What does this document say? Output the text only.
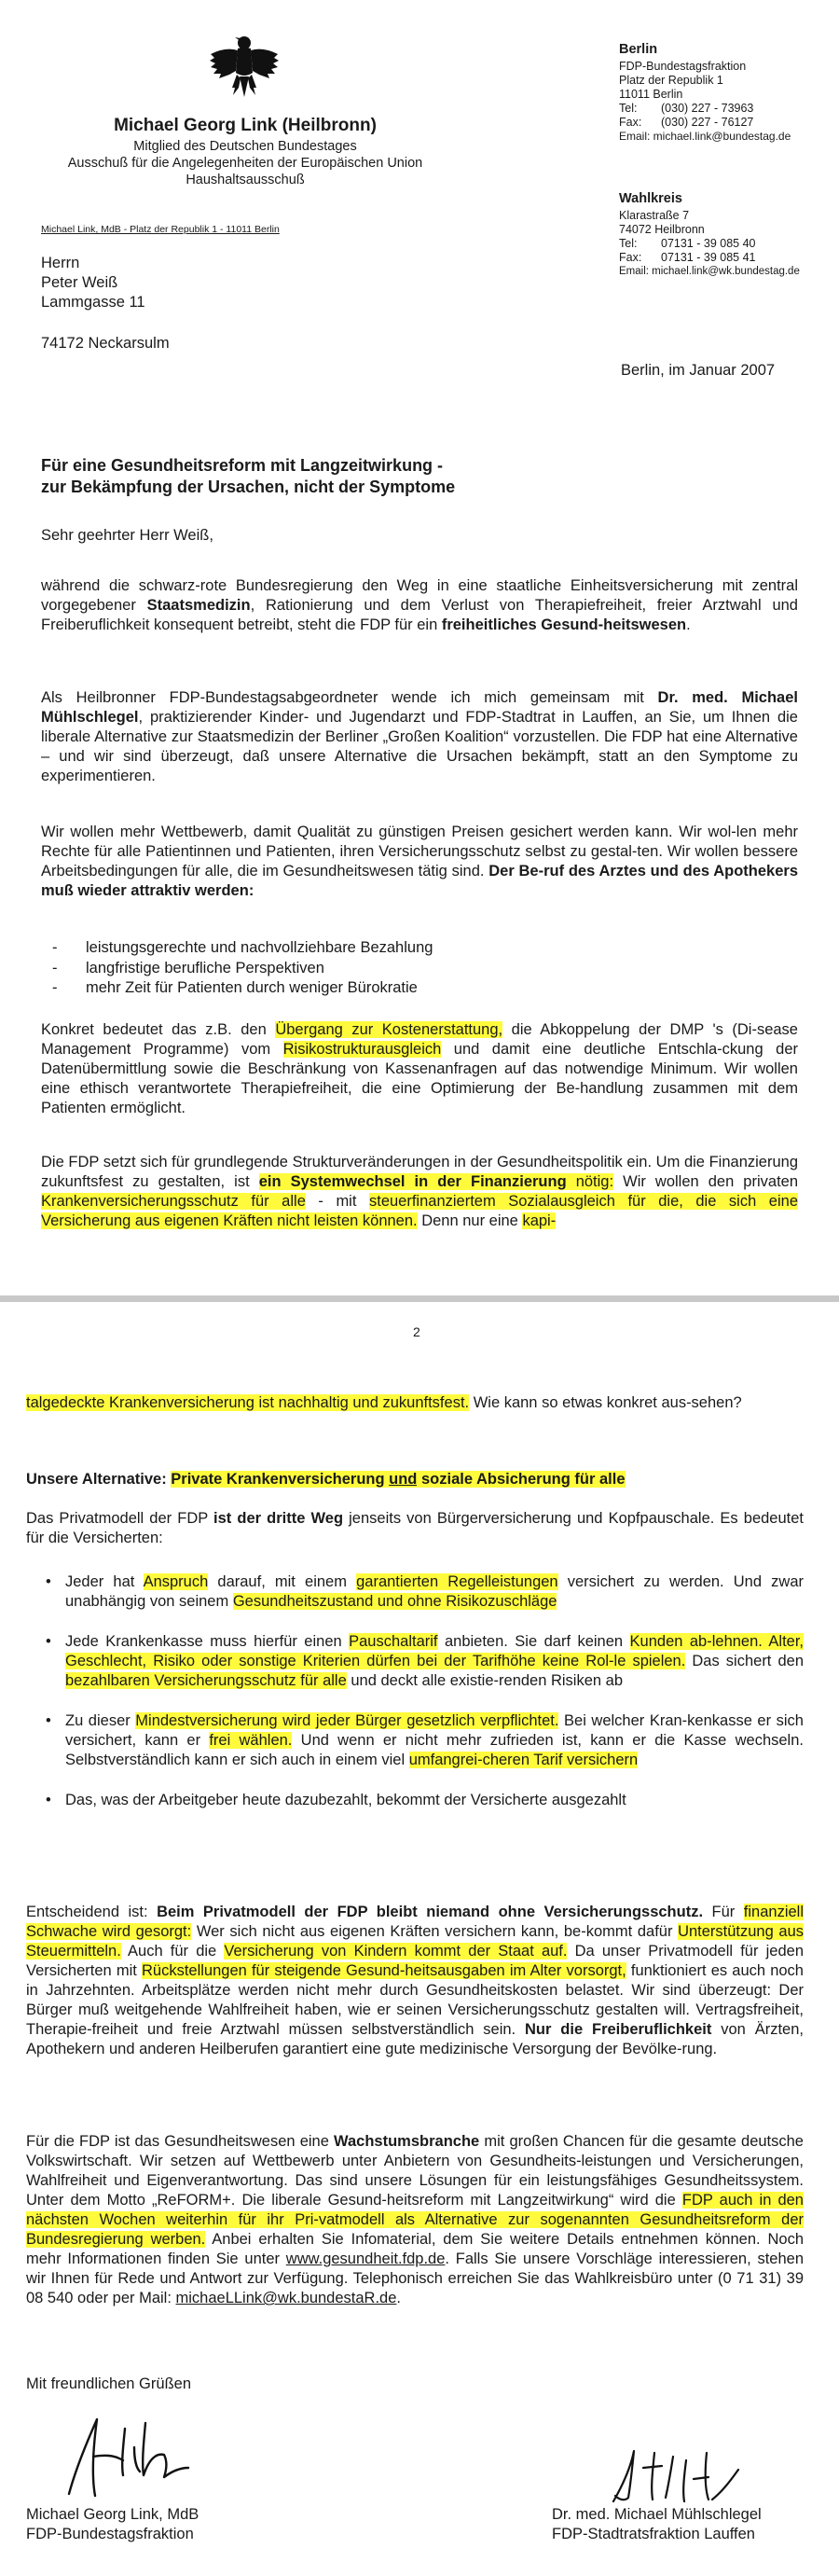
Michael Georg Link (Heilbronn)
Mitglied des Deutschen Bundestages
Ausschuß für die Angelegenheiten der Europäischen Union
Haushaltsausschuß
Michael Link, MdB - Platz der Republik 1 - 11011 Berlin
Berlin
FDP-Bundestagsfraktion
Platz der Republik 1
11011 Berlin
Tel:	(030) 227 - 73963
Fax:	(030) 227 - 76127
Email: michael.link@bundestag.de
Wahlkreis
Klarastraße 7
74072 Heilbronn
Tel:	07131 - 39 085 40
Fax:	07131 - 39 085 41
Email: michael.link@wk.bundestag.de
Herrn
Peter Weiß
Lammgasse 11
74172 Neckarsulm
Berlin, im Januar 2007
Für eine Gesundheitsreform mit Langzeitwirkung -
zur Bekämpfung der Ursachen, nicht der Symptome
Sehr geehrter Herr Weiß,

während die schwarz-rote Bundesregierung den Weg in eine staatliche Einheitsversicherung mit zentral vorgegebener Staatsmedizin, Rationierung und dem Verlust von Therapiefreiheit, freier Arztwahl und Freiberuflichkeit konsequent betreibt, steht die FDP für ein freiheitliches Gesund-heitswesen.

Als Heilbronner FDP-Bundestagsabgeordneter wende ich mich gemeinsam mit Dr. med. Michael Mühlschlegel, praktizierender Kinder- und Jugendarzt und FDP-Stadtrat in Lauffen, an Sie, um Ihnen die liberale Alternative zur Staatsmedizin der Berliner „Großen Koalition“ vorzustellen. Die FDP hat eine Alternative – und wir sind überzeugt, daß unsere Alternative die Ursachen bekämpft, statt an den Symptome zu experimentieren.

Wir wollen mehr Wettbewerb, damit Qualität zu günstigen Preisen gesichert werden kann. Wir wol-len mehr Rechte für alle Patientinnen und Patienten, ihren Versicherungsschutz selbst zu gestal-ten. Wir wollen bessere Arbeitsbedingungen für alle, die im Gesundheitswesen tätig sind. Der Be-ruf des Arztes und des Apothekers muß wieder attraktiv werden:

- leistungsgerechte und nachvollziehbare Bezahlung
- langfristige berufliche Perspektiven
- mehr Zeit für Patienten durch weniger Bürokratie

Konkret bedeutet das z.B. den Übergang zur Kostenerstattung, die Abkoppelung der DMP 's (Di-sease Management Programme) vom Risikostrukturausgleich und damit eine deutliche Entschla-ckung der Datenübermittlung sowie die Beschränkung von Kassenanfragen auf das notwendige Minimum. Wir wollen eine ethisch verantwortete Therapiefreiheit, die eine Optimierung der Be-handlung zusammen mit dem Patienten ermöglicht.

Die FDP setzt sich für grundlegende Strukturveränderungen in der Gesundheitspolitik ein. Um die Finanzierung zukunftsfest zu gestalten, ist ein Systemwechsel in der Finanzierung nötig: Wir wollen den privaten Krankenversicherungsschutz für alle - mit steuerfinanziertem Sozialausgleich für die, die sich eine Versicherung aus eigenen Kräften nicht leisten können. Denn nur eine kapi-

2

talgedeckte Krankenversicherung ist nachhaltig und zukunftsfest. Wie kann so etwas konkret aus-sehen?

Unsere Alternative: Private Krankenversicherung und soziale Absicherung für alle

Das Privatmodell der FDP ist der dritte Weg jenseits von Bürgerversicherung und Kopfpauschale. Es bedeutet für die Versicherten:

• Jeder hat Anspruch darauf, mit einem garantierten Regelleistungen versichert zu werden. Und zwar unabhängig von seinem Gesundheitszustand und ohne Risikozuschläge
• Jede Krankenkasse muss hierfür einen Pauschaltarif anbieten. Sie darf keinen Kunden ab-lehnen. Alter, Geschlecht, Risiko oder sonstige Kriterien dürfen bei der Tarifhöhe keine Rol-le spielen. Das sichert den bezahlbaren Versicherungsschutz für alle und deckt alle existie-renden Risiken ab
• Zu dieser Mindestversicherung wird jeder Bürger gesetzlich verpflichtet. Bei welcher Kran-kenkasse er sich versichert, kann er frei wählen. Und wenn er nicht mehr zufrieden ist, kann er die Kasse wechseln. Selbstverständlich kann er sich auch in einem viel umfangrei-cheren Tarif versichern
• Das, was der Arbeitgeber heute dazubezahlt, bekommt der Versicherte ausgezahlt

Entscheidend ist: Beim Privatmodell der FDP bleibt niemand ohne Versicherungsschutz. Für finanziell Schwache wird gesorgt: Wer sich nicht aus eigenen Kräften versichern kann, be-kommt dafür Unterstützung aus Steuermitteln. Auch für die Versicherung von Kindern kommt der Staat auf. Da unser Privatmodell für jeden Versicherten mit Rückstellungen für steigende Gesund-heitsausgaben im Alter vorsorgt, funktioniert es auch noch in Jahrzehnten. Arbeitsplätze werden nicht mehr durch Gesundheitskosten belastet. Wir sind überzeugt: Der Bürger muß weitgehende Wahlfreiheit haben, wie er seinen Versicherungsschutz gestalten will. Vertragsfreiheit, Therapie-freiheit und freie Arztwahl müssen selbstverständlich sein. Nur die Freiberuflichkeit von Ärzten, Apothekern und anderen Heilberufen garantiert eine gute medizinische Versorgung der Bevölke-rung.

Für die FDP ist das Gesundheitswesen eine Wachstumsbranche mit großen Chancen für die gesamte deutsche Volkswirtschaft. Wir setzen auf Wettbewerb unter Anbietern von Gesundheits-leistungen und Versicherungen, Wahlfreiheit und Eigenverantwortung. Das sind unsere Lösungen für ein leistungsfähiges Gesundheitssystem. Unter dem Motto „ReFORM+. Die liberale Gesund-heitsreform mit Langzeitwirkung“ wird die FDP auch in den nächsten Wochen weiterhin für ihr Pri-vatmodell als Alternative zur sogenannten Gesundheitsreform der Bundesregierung werben. Anbei erhalten Sie Infomaterial, dem Sie weitere Details entnehmen können. Noch mehr Informationen finden Sie unter www.gesundheit.fdp.de. Falls Sie unsere Vorschläge interessieren, stehen wir Ihnen für Rede und Antwort zur Verfügung. Telephonisch erreichen Sie das Wahlkreisbüro unter (0 71 31) 39 08 540 oder per Mail: michaeLLink@wk.bundestaR.de.

Mit freundlichen Grüßen
Michael Georg Link, MdB
FDP-Bundestagsfraktion
Dr. med. Michael Mühlschlegel
FDP-Stadtratsfraktion Lauffen
